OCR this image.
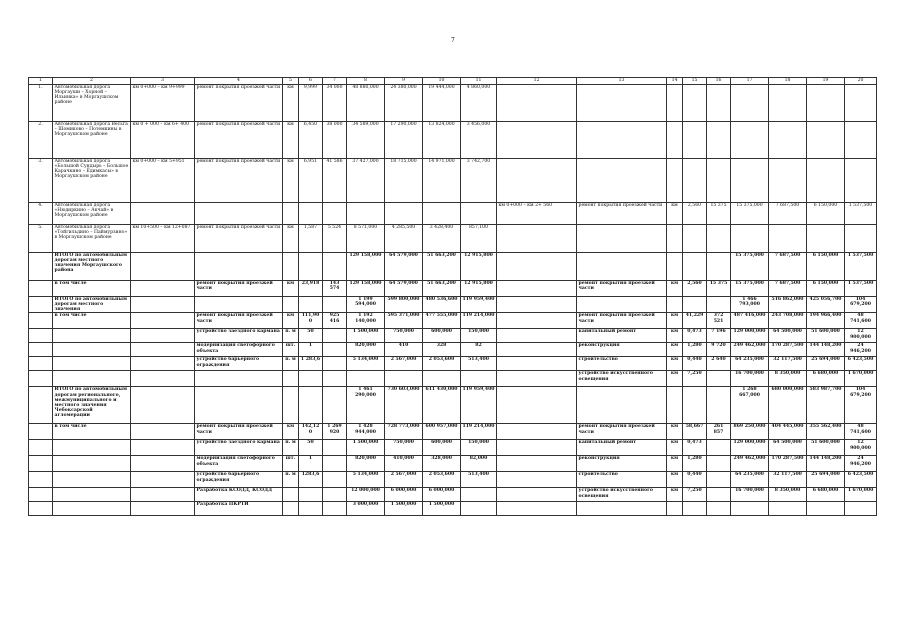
7
1	2	3	4	5	6	7	8	9	10	11	12	13	14	15	16	17	18	19	20
1.	Автомобильная дорога Моргауши – Хорной – Ильинка» в Моргаушском районе	км 0+000 – км 9+999	ремонт покрытия проезжей части	км	9,999	34 000	48 880,000	24 380,000	19 444,000	4 860,000									
2.	Автомобильная дорога Весьга – Шомиково – Потемкины в Моргаушском районе	км 0 + 000 – км 6+ 400	ремонт покрытия проезжей части	км	6,450	38 000	34 589,000	17 290,000	13 824,000	3 456,000									
3.	Автомобильная дорога «Большой Сундырь – Большое Карачкино – Ёдимкасы» в Моргаушском районе	км 0+000 – км 5+951	ремонт покрытия проезжей части	км	6,951	41 586	37 427,000	18 715,000	14 971,000	3 742,700									
4.	Автомобильная дорога «Нюдиркино – Акчай» в Моргаушском районе										км 0+000 – км 2+ 560	ремонт покрытия проезжей части	км	2,560	15 375	15 375,000	7 687,500	6 150,000	1 537,500
5.	Автомобильная дорога «Тойгильдино – Паймурзино» в Моргаушском районе	км 10+500 – км 12+087	ремонт покрытия проезжей части	км	1,587	5 524	8 571,000	4 285,500	3 428,400	857,100									
	ИТОГО по автомобильным дорогам местного значения Моргаушского района						129 158,000	64 579,000	51 663,200	12 915,800						15 375,000	7 687,500	6 150,000	1 537,500
	в том числе		ремонт покрытия проезжей части	км	23,918	143 574	129 158,000	64 579,000	51 663,200	12 915,800		ремонт покрытия проезжей части	км	2,560	15 375	15 375,000	7 687,500	6 150,000	1 537,500
	ИТОГО по автомобильным дорогам местного значения						1 199 594,000	599 800,000	480 536,600	119 959,400						1 466 793,000	516 862,000	425 056,700	104 679,200
	в том числе		ремонт покрытия проезжей части	км	111,900	925 416	1 192 140,000	595 371,000	477 555,000	119 214,000		ремонт покрытия проезжей части	км	41,229	372 521	487 416,000	243 708,000	194 966,400	48 741,600
			устройство заездного кармана	п. м	50		1 500,000	750,000	600,000	150,000		капитальный ремонт	км	0,473	7 196	129 000,000	64 500,000	51 600,000	12 900,000
			модернизация светофорного объекта	шт.	1		820,000	410	328	82		реконструкция	км	1,280	9 720	249 462,000	170 287,500	144 148,200	24 946,200
			устройство барьерного ограждения	п. м	1 283,6		5 134,000	2 567,000	2 053,600	513,400		строительство	км	0,440	2 640	64 235,000	32 117,500	25 694,000	6 423,500
												устройство искусственного освещения	км	7,250		16 700,000	8 350,000	6 680,000	1 670,000
	ИТОГО по автомобильным дорогам регионального, межмуниципального и местного значения Чебоксарской агломерации						1 461 290,000	730 603,000	611 430,000	119 959,400						1 268 667,000	680 000,000	583 987,700	104 679,200
	в том числе		ремонт покрытия проезжей части	км	142,120	1 269 920	1 428 944,000	728 773,000	600 957,000	119 214,000		ремонт покрытия проезжей части	км	58,667	261 857	869 250,000	404 445,000	355 562,400	48 741,600
			устройство заездного кармана	п. м	50		1 500,000	750,000	600,000	150,000		капитальный ремонт	км	0,473		129 000,000	64 500,000	51 600,000	12 900,000
			модернизация светофорного объекта	шт.	1		820,000	410,000	328,000	82,000		реконструкция	км	1,280		249 462,000	170 287,500	144 148,200	24 946,200
			устройство барьерного ограждения	п. м	1283,6		5 134,000	2 567,000	2 053,600	513,400		строительство	км	0,440		64 235,000	32 117,500	25 694,000	6 423,500
			Разработка КСОДД, КСОДД				12 000,000	6 000,000	6 000,000			устройство искусственного освещения	км	7,250		16 700,000	8 350,000	6 680,000	1 670,000
			Разработка ПКРТИ				3 000,000	1 500,000	1 500,000										
